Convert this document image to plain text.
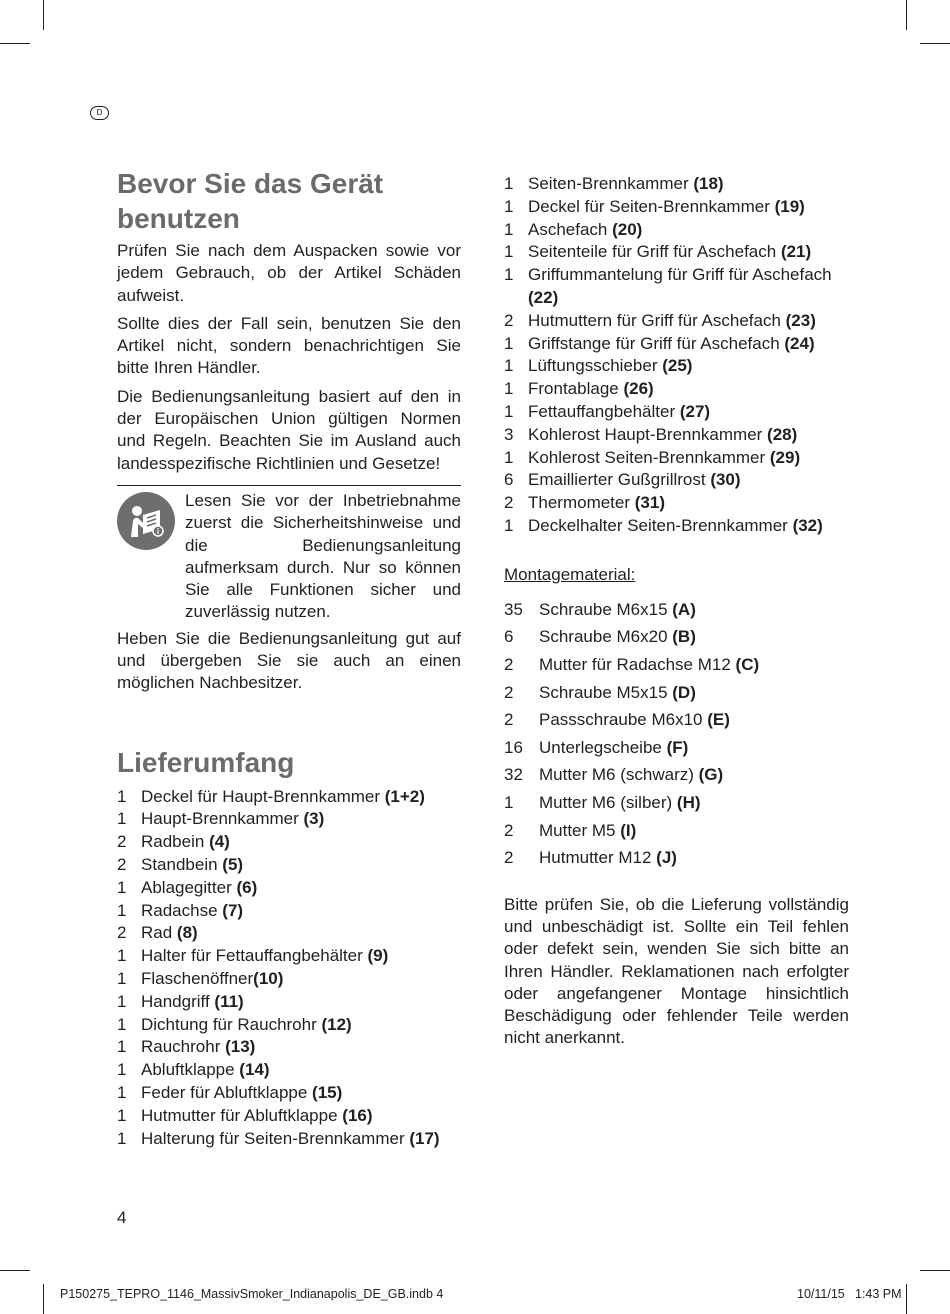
D
Bevor Sie das Gerät benutzen

Prüfen Sie nach dem Auspacken sowie vor jedem Gebrauch, ob der Artikel Schäden aufweist.

Sollte dies der Fall sein, benutzen Sie den Artikel nicht, sondern benachrichtigen Sie bitte Ihren Händler.

Die Bedienungsanleitung basiert auf den in der Europäischen Union gültigen Normen und Regeln. Beachten Sie im Ausland auch landesspezifische Richtlinien und Gesetze!

i

Lesen Sie vor der Inbetriebnahme zuerst die Sicherheitshinweise und die Bedienungsanleitung aufmerksam durch. Nur so können Sie alle Funktionen sicher und zuverlässig nutzen.

Heben Sie die Bedienungsanleitung gut auf und übergeben Sie sie auch an einen möglichen Nachbesitzer.

Lieferumfang
1 Deckel für Haupt-Brennkammer (1+2)
1 Haupt-Brennkammer (3)
2 Radbein (4)
2 Standbein (5)
1 Ablagegitter (6)
1 Radachse (7)
2 Rad (8)
1 Halter für Fettauffangbehälter (9)
1 Flaschenöffner(10)
1 Handgriff (11)
1 Dichtung für Rauchrohr (12)
1 Rauchrohr (13)
1 Abluftklappe (14)
1 Feder für Abluftklappe (15)
1 Hutmutter für Abluftklappe (16)
1 Halterung für Seiten-Brennkammer (17)
1 Seiten-Brennkammer (18)
1 Deckel für Seiten-Brennkammer (19)
1 Aschefach (20)
1 Seitenteile für Griff für Aschefach (21)
1 Griffummantelung für Griff für Aschefach (22)
2 Hutmuttern für Griff für Aschefach (23)
1 Griffstange für Griff für Aschefach (24)
1 Lüftungsschieber (25)
1 Frontablage (26)
1 Fettauffangbehälter (27)
3 Kohlerost Haupt-Brennkammer (28)
1 Kohlerost Seiten-Brennkammer (29)
6 Emaillierter Gußgrillrost (30)
2 Thermometer (31)
1 Deckelhalter Seiten-Brennkammer (32)
Montagematerial:
35 Schraube M6x15 (A)
6	Schraube M6x20 (B)
2	Mutter für Radachse M12 (C)
2	Schraube M5x15 (D)
2	Passschraube M6x10 (E)
16 Unterlegscheibe (F)
32 Mutter M6 (schwarz) (G)
1	Mutter M6 (silber) (H)
2	Mutter M5 (I)
2	Hutmutter M12 (J)

Bitte prüfen Sie, ob die Lieferung vollständig und unbeschädigt ist. Sollte ein Teil fehlen oder defekt sein, wenden Sie sich bitte an Ihren Händler. Reklamationen nach erfolgter oder angefangener Montage hinsichtlich Beschädigung oder fehlender Teile werden nicht anerkannt.

4
P150275_TEPRO_1146_MassivSmoker_Indianapolis_DE_GB.indb 4	10/11/15 1:43 PM
